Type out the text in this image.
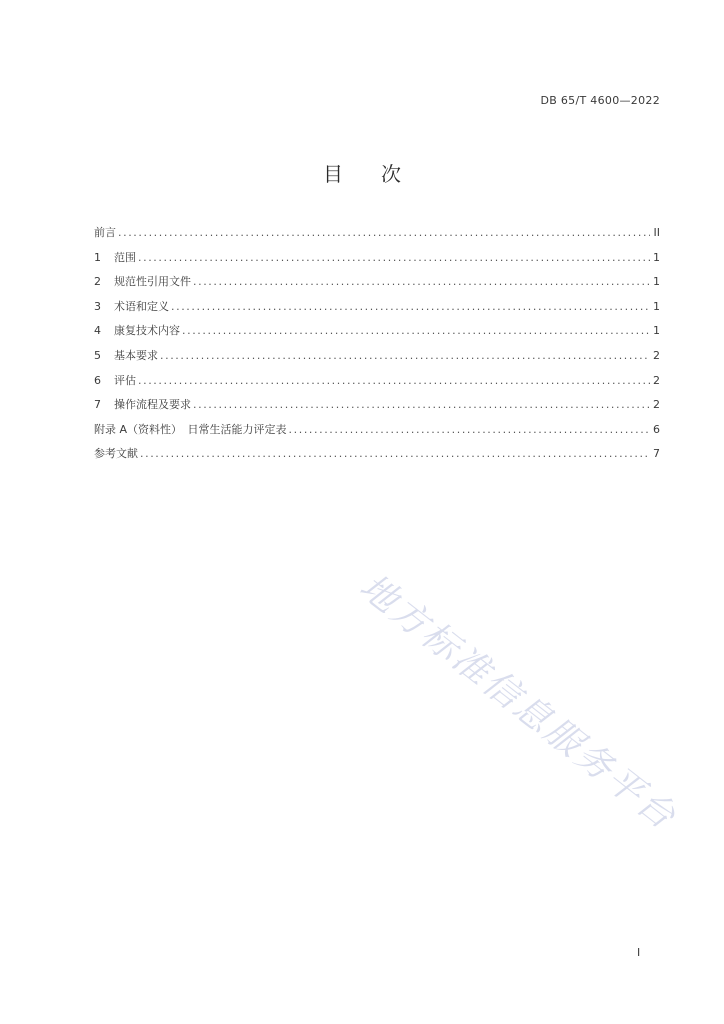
DB 65/T 4600—2022
目次
前言 .....	II
1	范围 .....	1
2	规范性引用文件 .....	1
3	术语和定义 .....	1
4	康复技术内容 .....	1
5	基本要求 .....	2
6	评估 .....	2
7	操作流程及要求 .....	2
附录 A（资料性）　日常生活能力评定表 .....	6
参考文献 .....	7
地方标准信息服务平台
I
